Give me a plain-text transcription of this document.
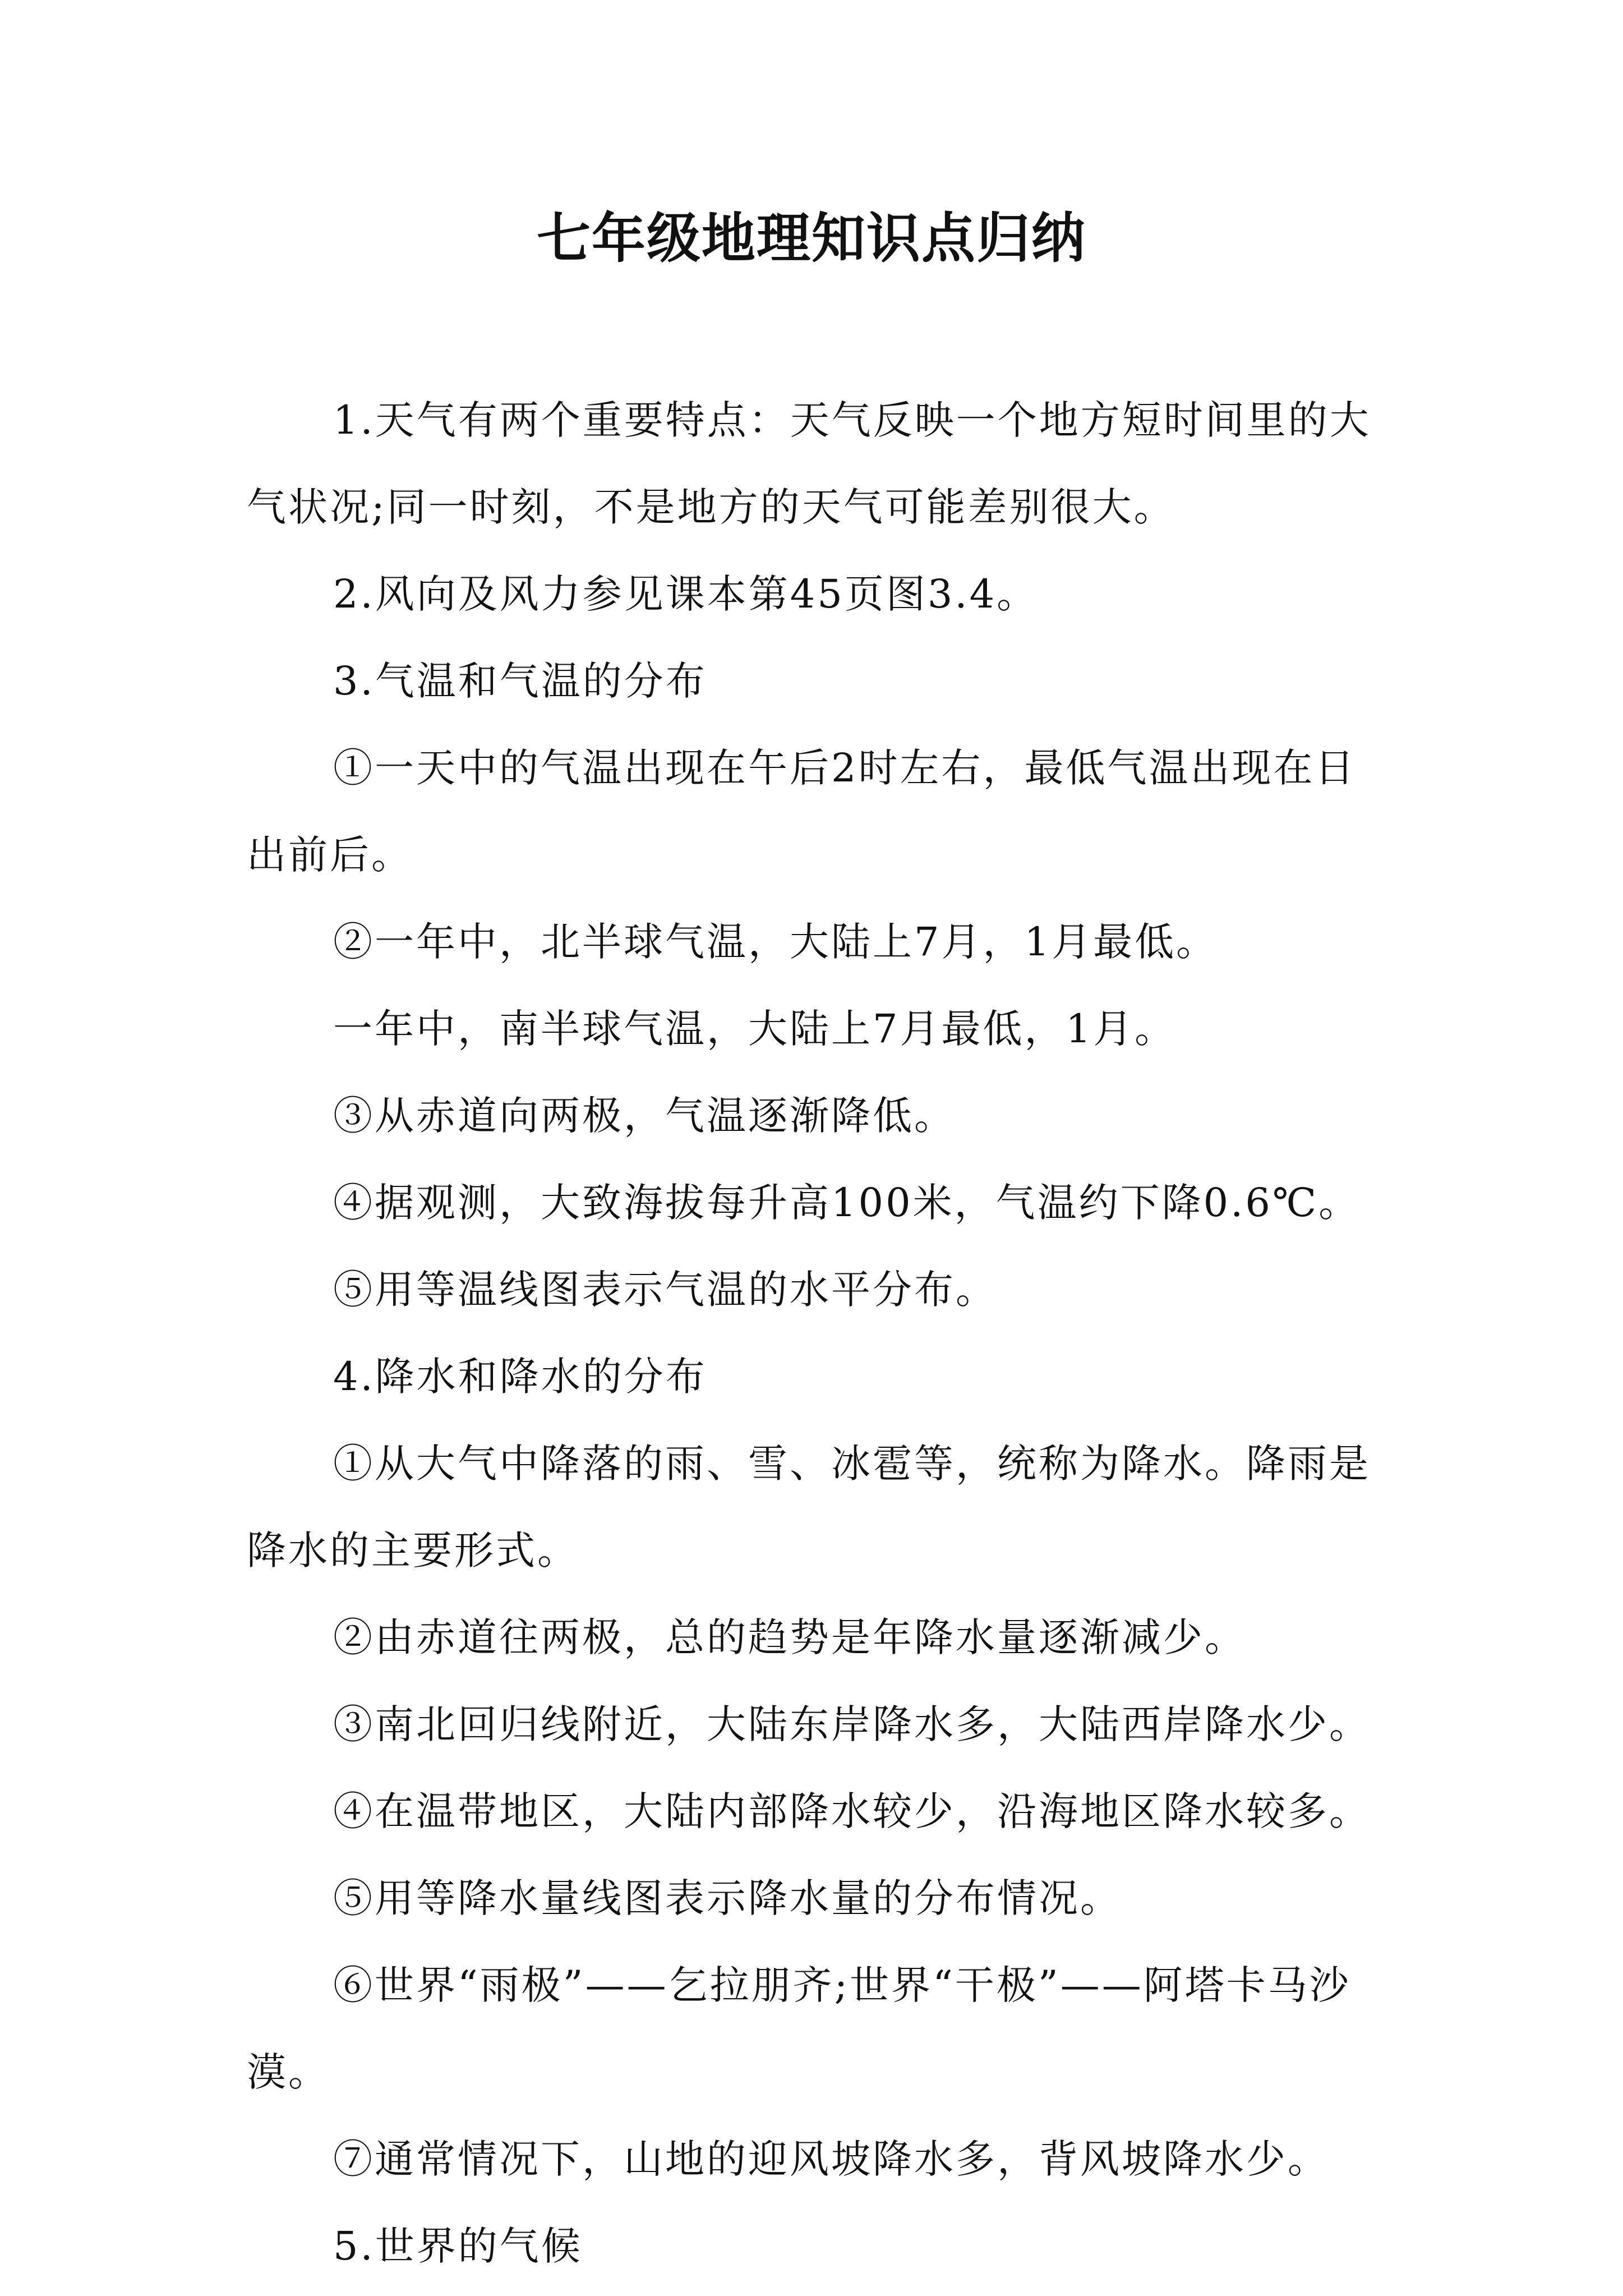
七年级地理知识点归纳

1.天气有两个重要特点：天气反映一个地方短时间里的大气状况;同一时刻，不是地方的天气可能差别很大。

2.风向及风力参见课本第45页图3.4。

3.气温和气温的分布

①一天中的气温出现在午后2时左右，最低气温出现在日出前后。

②一年中，北半球气温，大陆上7月，1月最低。

一年中，南半球气温，大陆上7月最低，1月。

③从赤道向两极，气温逐渐降低。

④据观测，大致海拔每升高100米，气温约下降0.6℃。

⑤用等温线图表示气温的水平分布。

4.降水和降水的分布

①从大气中降落的雨、雪、冰雹等，统称为降水。降雨是降水的主要形式。

②由赤道往两极，总的趋势是年降水量逐渐减少。

③南北回归线附近，大陆东岸降水多，大陆西岸降水少。

④在温带地区，大陆内部降水较少，沿海地区降水较多。

⑤用等降水量线图表示降水量的分布情况。

⑥世界“雨极”——乞拉朋齐;世界“干极”——阿塔卡马沙漠。

⑦通常情况下，山地的迎风坡降水多，背风坡降水少。

5.世界的气候
